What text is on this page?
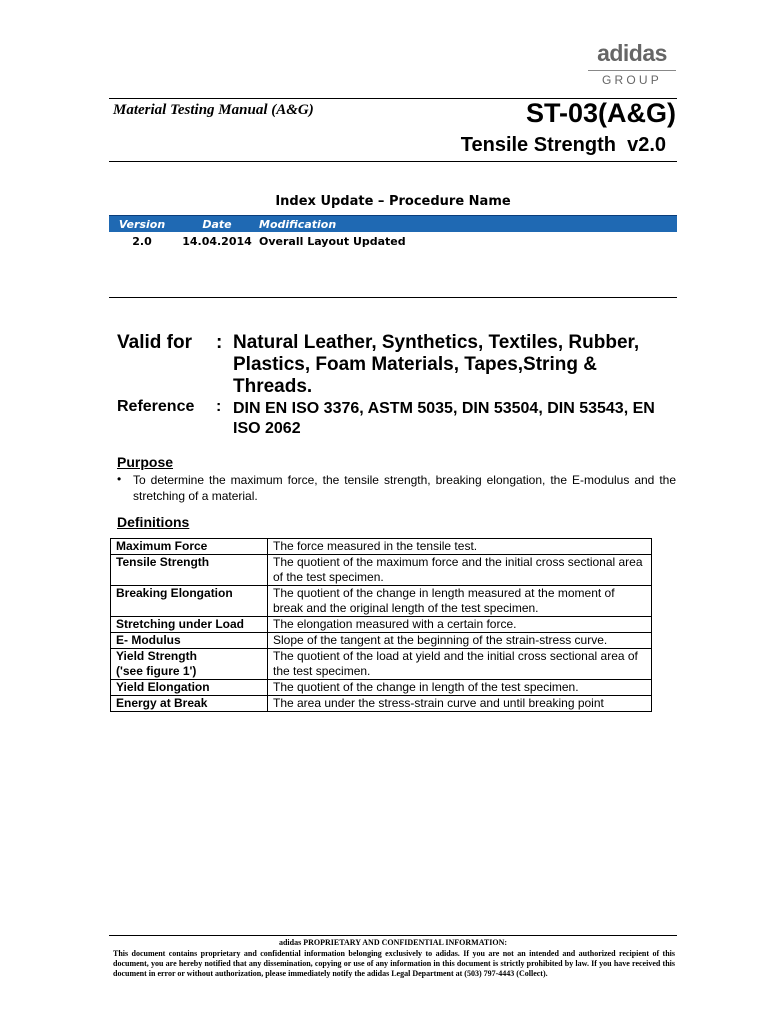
adidas
GROUP
Material Testing Manual (A&G)	ST-03(A&G)
Tensile Strength  v2.0
Index Update – Procedure Name
Version	Date	Modification
2.0	14.04.2014	Overall Layout Updated
Valid for : Natural Leather, Synthetics, Textiles, Rubber, Plastics, Foam Materials, Tapes,String & Threads.
Reference : DIN EN ISO 3376, ASTM 5035, DIN 53504, DIN 53543, EN ISO 2062
Purpose
• To determine the maximum force, the tensile strength, breaking elongation, the E-modulus and the stretching of a material.
Definitions
Maximum Force	The force measured in the tensile test.
Tensile Strength	The quotient of the maximum force and the initial cross sectional area of the test specimen.
Breaking Elongation	The quotient of the change in length measured at the moment of break and the original length of the test specimen.
Stretching under Load	The elongation measured with a certain force.
E- Modulus	Slope of the tangent at the beginning of the strain-stress curve.
Yield Strength
('see figure 1')	The quotient of the load at yield and the initial cross sectional area of the test specimen.
Yield Elongation	The quotient of the change in length of the test specimen.
Energy at Break	The area under the stress-strain curve and until breaking point
adidas PROPRIETARY AND CONFIDENTIAL INFORMATION:
This document contains proprietary and confidential information belonging exclusively to adidas. If you are not an intended and authorized recipient of this document, you are hereby notified that any dissemination, copying or use of any information in this document is strictly prohibited by law. If you have received this document in error or without authorization, please immediately notify the adidas Legal Department at (503) 797-4443 (Collect).
